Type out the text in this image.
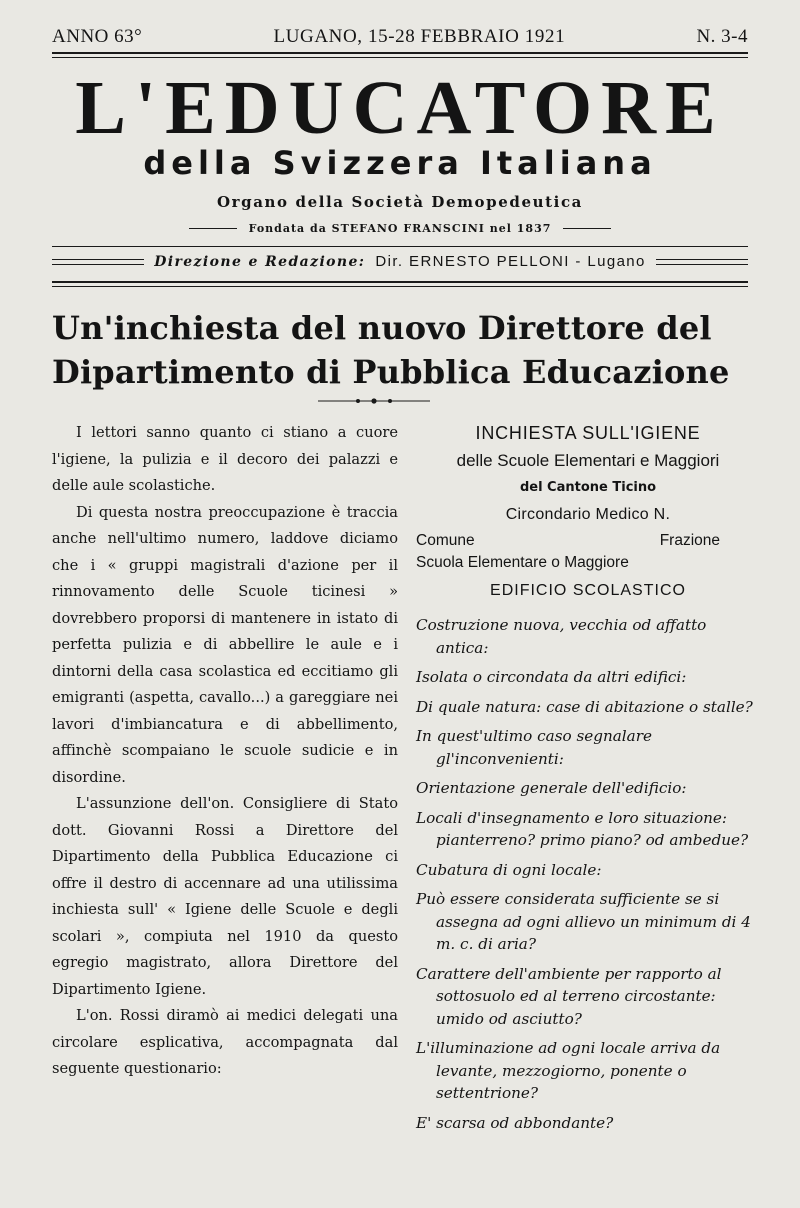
ANNO 63°	LUGANO, 15-28 FEBBRAIO 1921	N. 3-4
L'EDUCATORE
della Svizzera Italiana
Organo della Società Demopedeutica
Fondata da STEFANO FRANSCINI nel 1837
Direzione e Redazione: Dir. ERNESTO PELLONI - Lugano
Un'inchiesta del nuovo Direttore del
Dipartimento di Pubblica Educazione

I lettori sanno quanto ci stiano a cuore l'igiene, la pulizia e il decoro dei palazzi e delle aule scolastiche.

Di questa nostra preoccupazione è traccia anche nell'ultimo numero, laddove diciamo che i « gruppi magistrali d'azione per il rinnovamento delle Scuole ticinesi » dovrebbero proporsi di mantenere in istato di perfetta pulizia e di abbellire le aule e i dintorni della casa scolastica ed eccitiamo gli emigranti (aspetta, cavallo...) a gareggiare nei lavori d'imbiancatura e di abbellimento, affinchè scompaiano le scuole sudicie e in disordine.

L'assunzione dell'on. Consigliere di Stato dott. Giovanni Rossi a Direttore del Dipartimento della Pubblica Educazione ci offre il destro di accennare ad una utilissima inchiesta sull' « Igiene delle Scuole e degli scolari », compiuta nel 1910 da questo egregio magistrato, allora Direttore del Dipartimento Igiene.

L'on. Rossi diramò ai medici delegati una circolare esplicativa, accompagnata dal seguente questionario:

INCHIESTA SULL'IGIENE
delle Scuole Elementari e Maggiori
del Cantone Ticino
Circondario Medico N.
Comune	Frazione
Scuola Elementare o Maggiore
EDIFICIO SCOLASTICO
Costruzione nuova, vecchia od affatto antica:
Isolata o circondata da altri edifici:
Di quale natura: case di abitazione o stalle?
In quest'ultimo caso segnalare gl'inconvenienti:
Orientazione generale dell'edificio:
Locali d'insegnamento e loro situazione: pianterreno? primo piano? od ambedue?
Cubatura di ogni locale:
Può essere considerata sufficiente se si assegna ad ogni allievo un minimum di 4 m. c. di aria?
Carattere dell'ambiente per rapporto al sottosuolo ed al terreno circostante: umido od asciutto?
L'illuminazione ad ogni locale arriva da levante, mezzogiorno, ponente o settentrione?
E' scarsa od abbondante?
